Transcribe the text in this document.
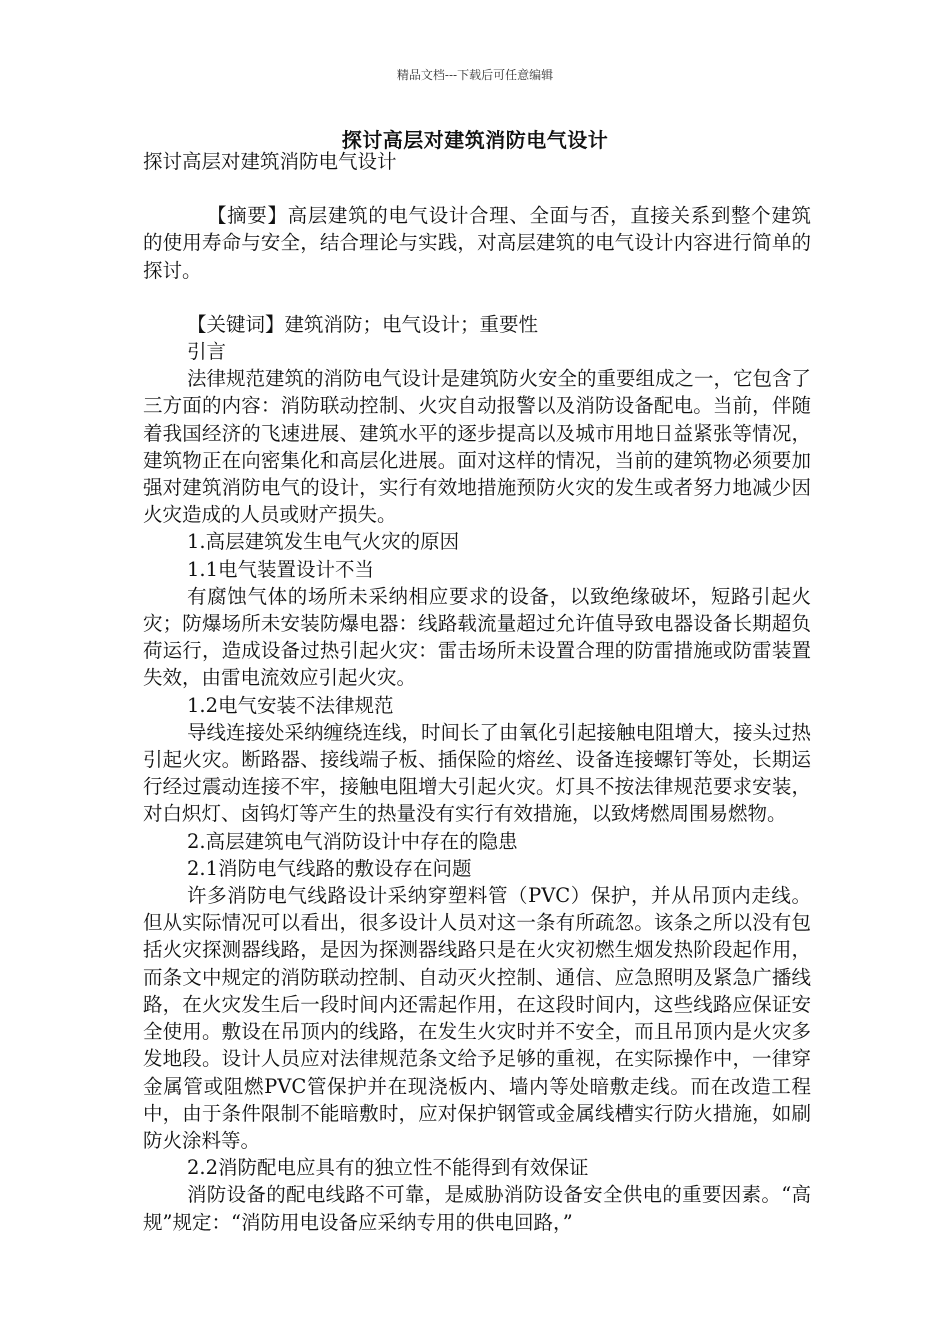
精品文档---下载后可任意编辑
探讨高层对建筑消防电气设计

探讨高层对建筑消防电气设计

【摘要】高层建筑的电气设计合理、全面与否，直接关系到整个建筑的使用寿命与安全，结合理论与实践，对高层建筑的电气设计内容进行简单的探讨。

【关键词】建筑消防；电气设计；重要性

引言

法律规范建筑的消防电气设计是建筑防火安全的重要组成之一，它包含了三方面的内容：消防联动控制、火灾自动报警以及消防设备配电。当前，伴随着我国经济的飞速进展、建筑水平的逐步提高以及城市用地日益紧张等情况，建筑物正在向密集化和高层化进展。面对这样的情况，当前的建筑物必须要加强对建筑消防电气的设计，实行有效地措施预防火灾的发生或者努力地减少因火灾造成的人员或财产损失。

1.高层建筑发生电气火灾的原因

1.1电气装置设计不当

有腐蚀气体的场所未采纳相应要求的设备，以致绝缘破坏，短路引起火灾；防爆场所未安装防爆电器：线路载流量超过允许值导致电器设备长期超负荷运行，造成设备过热引起火灾：雷击场所未设置合理的防雷措施或防雷装置失效，由雷电流效应引起火灾。

1.2电气安装不法律规范

导线连接处采纳缠绕连线，时间长了由氧化引起接触电阻增大，接头过热引起火灾。断路器、接线端子板、插保险的熔丝、设备连接螺钉等处，长期运行经过震动连接不牢，接触电阻增大引起火灾。灯具不按法律规范要求安装，对白炽灯、卤钨灯等产生的热量没有实行有效措施，以致烤燃周围易燃物。

2.高层建筑电气消防设计中存在的隐患

2.1消防电气线路的敷设存在问题

许多消防电气线路设计采纳穿塑料管（PVC）保护，并从吊顶内走线。但从实际情况可以看出，很多设计人员对这一条有所疏忽。该条之所以没有包括火灾探测器线路，是因为探测器线路只是在火灾初燃生烟发热阶段起作用，而条文中规定的消防联动控制、自动灭火控制、通信、应急照明及紧急广播线路，在火灾发生后一段时间内还需起作用，在这段时间内，这些线路应保证安全使用。敷设在吊顶内的线路，在发生火灾时并不安全，而且吊顶内是火灾多发地段。设计人员应对法律规范条文给予足够的重视，在实际操作中，一律穿金属管或阻燃PVC管保护并在现浇板内、墙内等处暗敷走线。而在改造工程中，由于条件限制不能暗敷时，应对保护钢管或金属线槽实行防火措施，如刷防火涂料等。

2.2消防配电应具有的独立性不能得到有效保证

消防设备的配电线路不可靠，是威胁消防设备安全供电的重要因素。“高规”规定：“消防用电设备应采纳专用的供电回路，”
